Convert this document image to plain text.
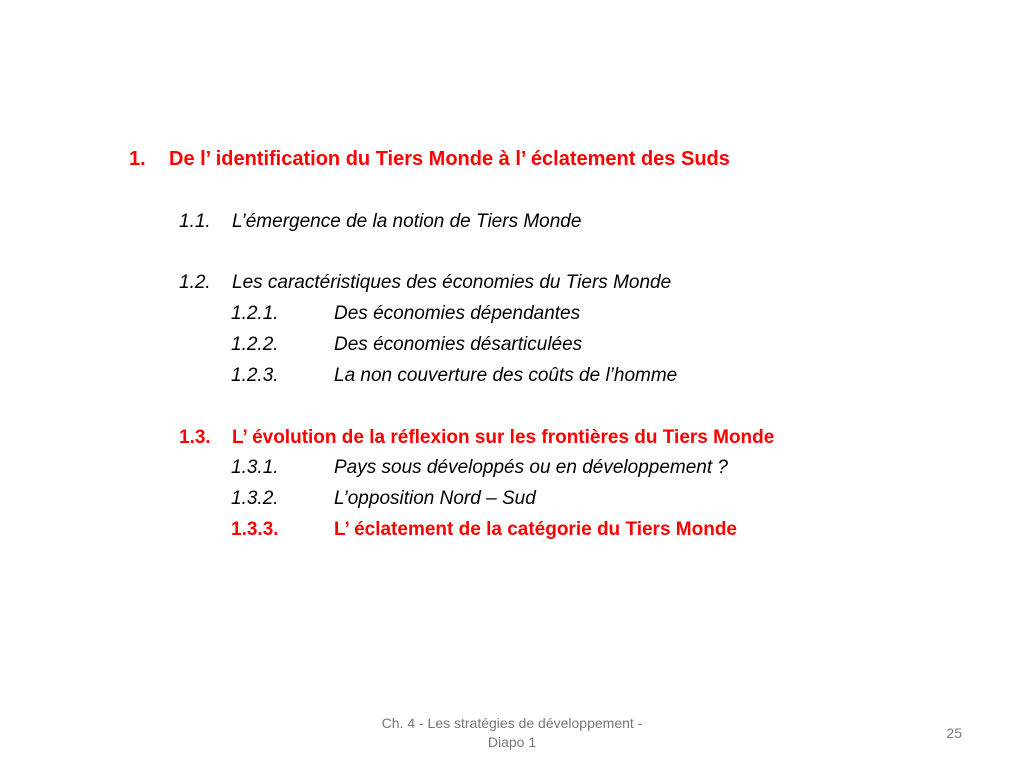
1. De l’ identification du Tiers Monde à l’ éclatement des Suds
1.1. L’émergence de la notion de Tiers Monde
1.2. Les caractéristiques des économies du Tiers Monde
1.2.1.	Des économies dépendantes
1.2.2.	Des économies désarticulées
1.2.3.	La non couverture des coûts de l’homme
1.3. L’ évolution de la réflexion sur les frontières du Tiers Monde
1.3.1.	Pays sous développés ou en développement ?
1.3.2.	L’opposition Nord – Sud
1.3.3.	L’ éclatement de la catégorie du Tiers Monde
Ch. 4 - Les stratégies de développement -
Diapo 1
25
